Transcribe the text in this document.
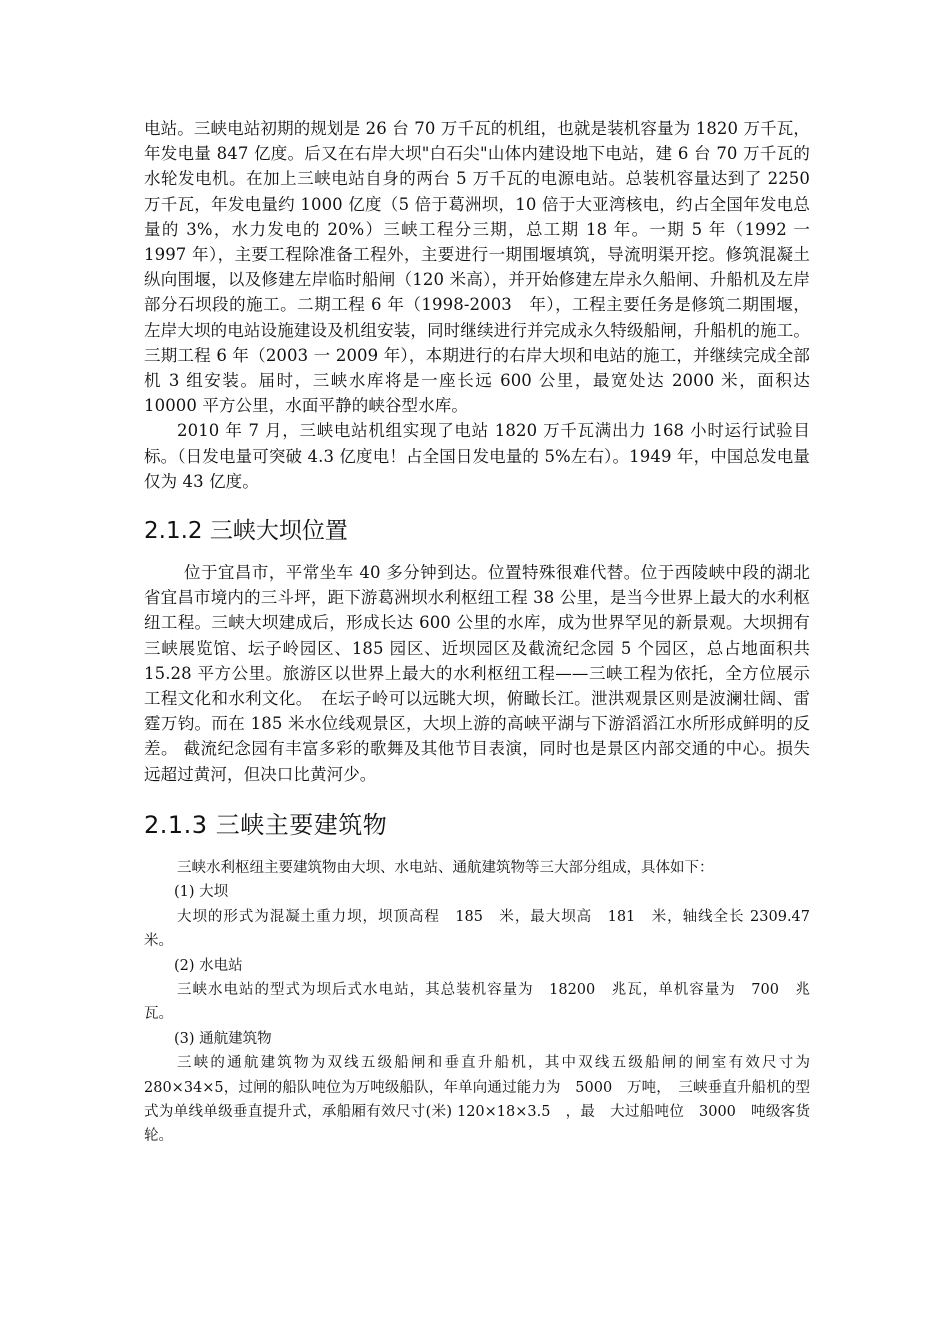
电站。三峡电站初期的规划是 26 台 70 万千瓦的机组，也就是装机容量为 1820 万千瓦，年发电量 847 亿度。后又在右岸大坝"白石尖"山体内建设地下电站，建 6 台 70 万千瓦的水轮发电机。在加上三峡电站自身的两台 5 万千瓦的电源电站。总装机容量达到了 2250 万千瓦，年发电量约 1000 亿度（5 倍于葛洲坝，10 倍于大亚湾核电，约占全国年发电总量的 3%，水力发电的 20%）三峡工程分三期，总工期 18 年。一期 5 年（1992 一 1997 年），主要工程除准备工程外，主要进行一期围堰填筑，导流明渠开挖。修筑混凝土纵向围堰，以及修建左岸临时船闸（120 米高），并开始修建左岸永久船闸、升船机及左岸部分石坝段的施工。二期工程 6 年（1998-2003　年），工程主要任务是修筑二期围堰，左岸大坝的电站设施建设及机组安装，同时继续进行并完成永久特级船闸，升船机的施工。三期工程 6 年（2003 一 2009 年），本期进行的右岸大坝和电站的施工，并继续完成全部机 3 组安装。届时，三峡水库将是一座长远 600 公里，最宽处达 2000 米，面积达 10000 平方公里，水面平静的峡谷型水库。

2010 年 7 月，三峡电站机组实现了电站 1820 万千瓦满出力 168 小时运行试验目标。（日发电量可突破 4.3 亿度电！占全国日发电量的 5%左右）。1949 年，中国总发电量仅为 43 亿度。

2.1.2 三峡大坝位置

位于宜昌市，平常坐车 40 多分钟到达。位置特殊很难代替。位于西陵峡中段的湖北省宜昌市境内的三斗坪，距下游葛洲坝水利枢纽工程 38 公里，是当今世界上最大的水利枢纽工程。三峡大坝建成后，形成长达 600 公里的水库，成为世界罕见的新景观。大坝拥有三峡展览馆、坛子岭园区、185 园区、近坝园区及截流纪念园 5 个园区，总占地面积共 15.28 平方公里。旅游区以世界上最大的水利枢纽工程——三峡工程为依托，全方位展示工程文化和水利文化。　在坛子岭可以远眺大坝，俯瞰长江。泄洪观景区则是波澜壮阔、雷霆万钧。而在 185 米水位线观景区，大坝上游的高峡平湖与下游滔滔江水所形成鲜明的反差。 截流纪念园有丰富多彩的歌舞及其他节目表演，同时也是景区内部交通的中心。损失远超过黄河，但决口比黄河少。

2.1.3 三峡主要建筑物

三峡水利枢纽主要建筑物由大坝、水电站、通航建筑物等三大部分组成，具体如下：

(1) 大坝

大坝的形式为混凝土重力坝，坝顶高程　185　米，最大坝高　181　米，轴线全长 2309.47　米。

(2) 水电站

三峡水电站的型式为坝后式水电站，其总装机容量为　18200　兆瓦，单机容量为　700　兆　瓦。

(3) 通航建筑物

三峡的通航建筑物为双线五级船闸和垂直升船机，其中双线五级船闸的闸室有效尺寸为　280×34×5，过闸的船队吨位为万吨级船队，年单向通过能力为　5000　万吨，　三峡垂直升船机的型式为单线单级垂直提升式，承船厢有效尺寸(米) 120×18×3.5　，最　大过船吨位　3000　吨级客货轮。
